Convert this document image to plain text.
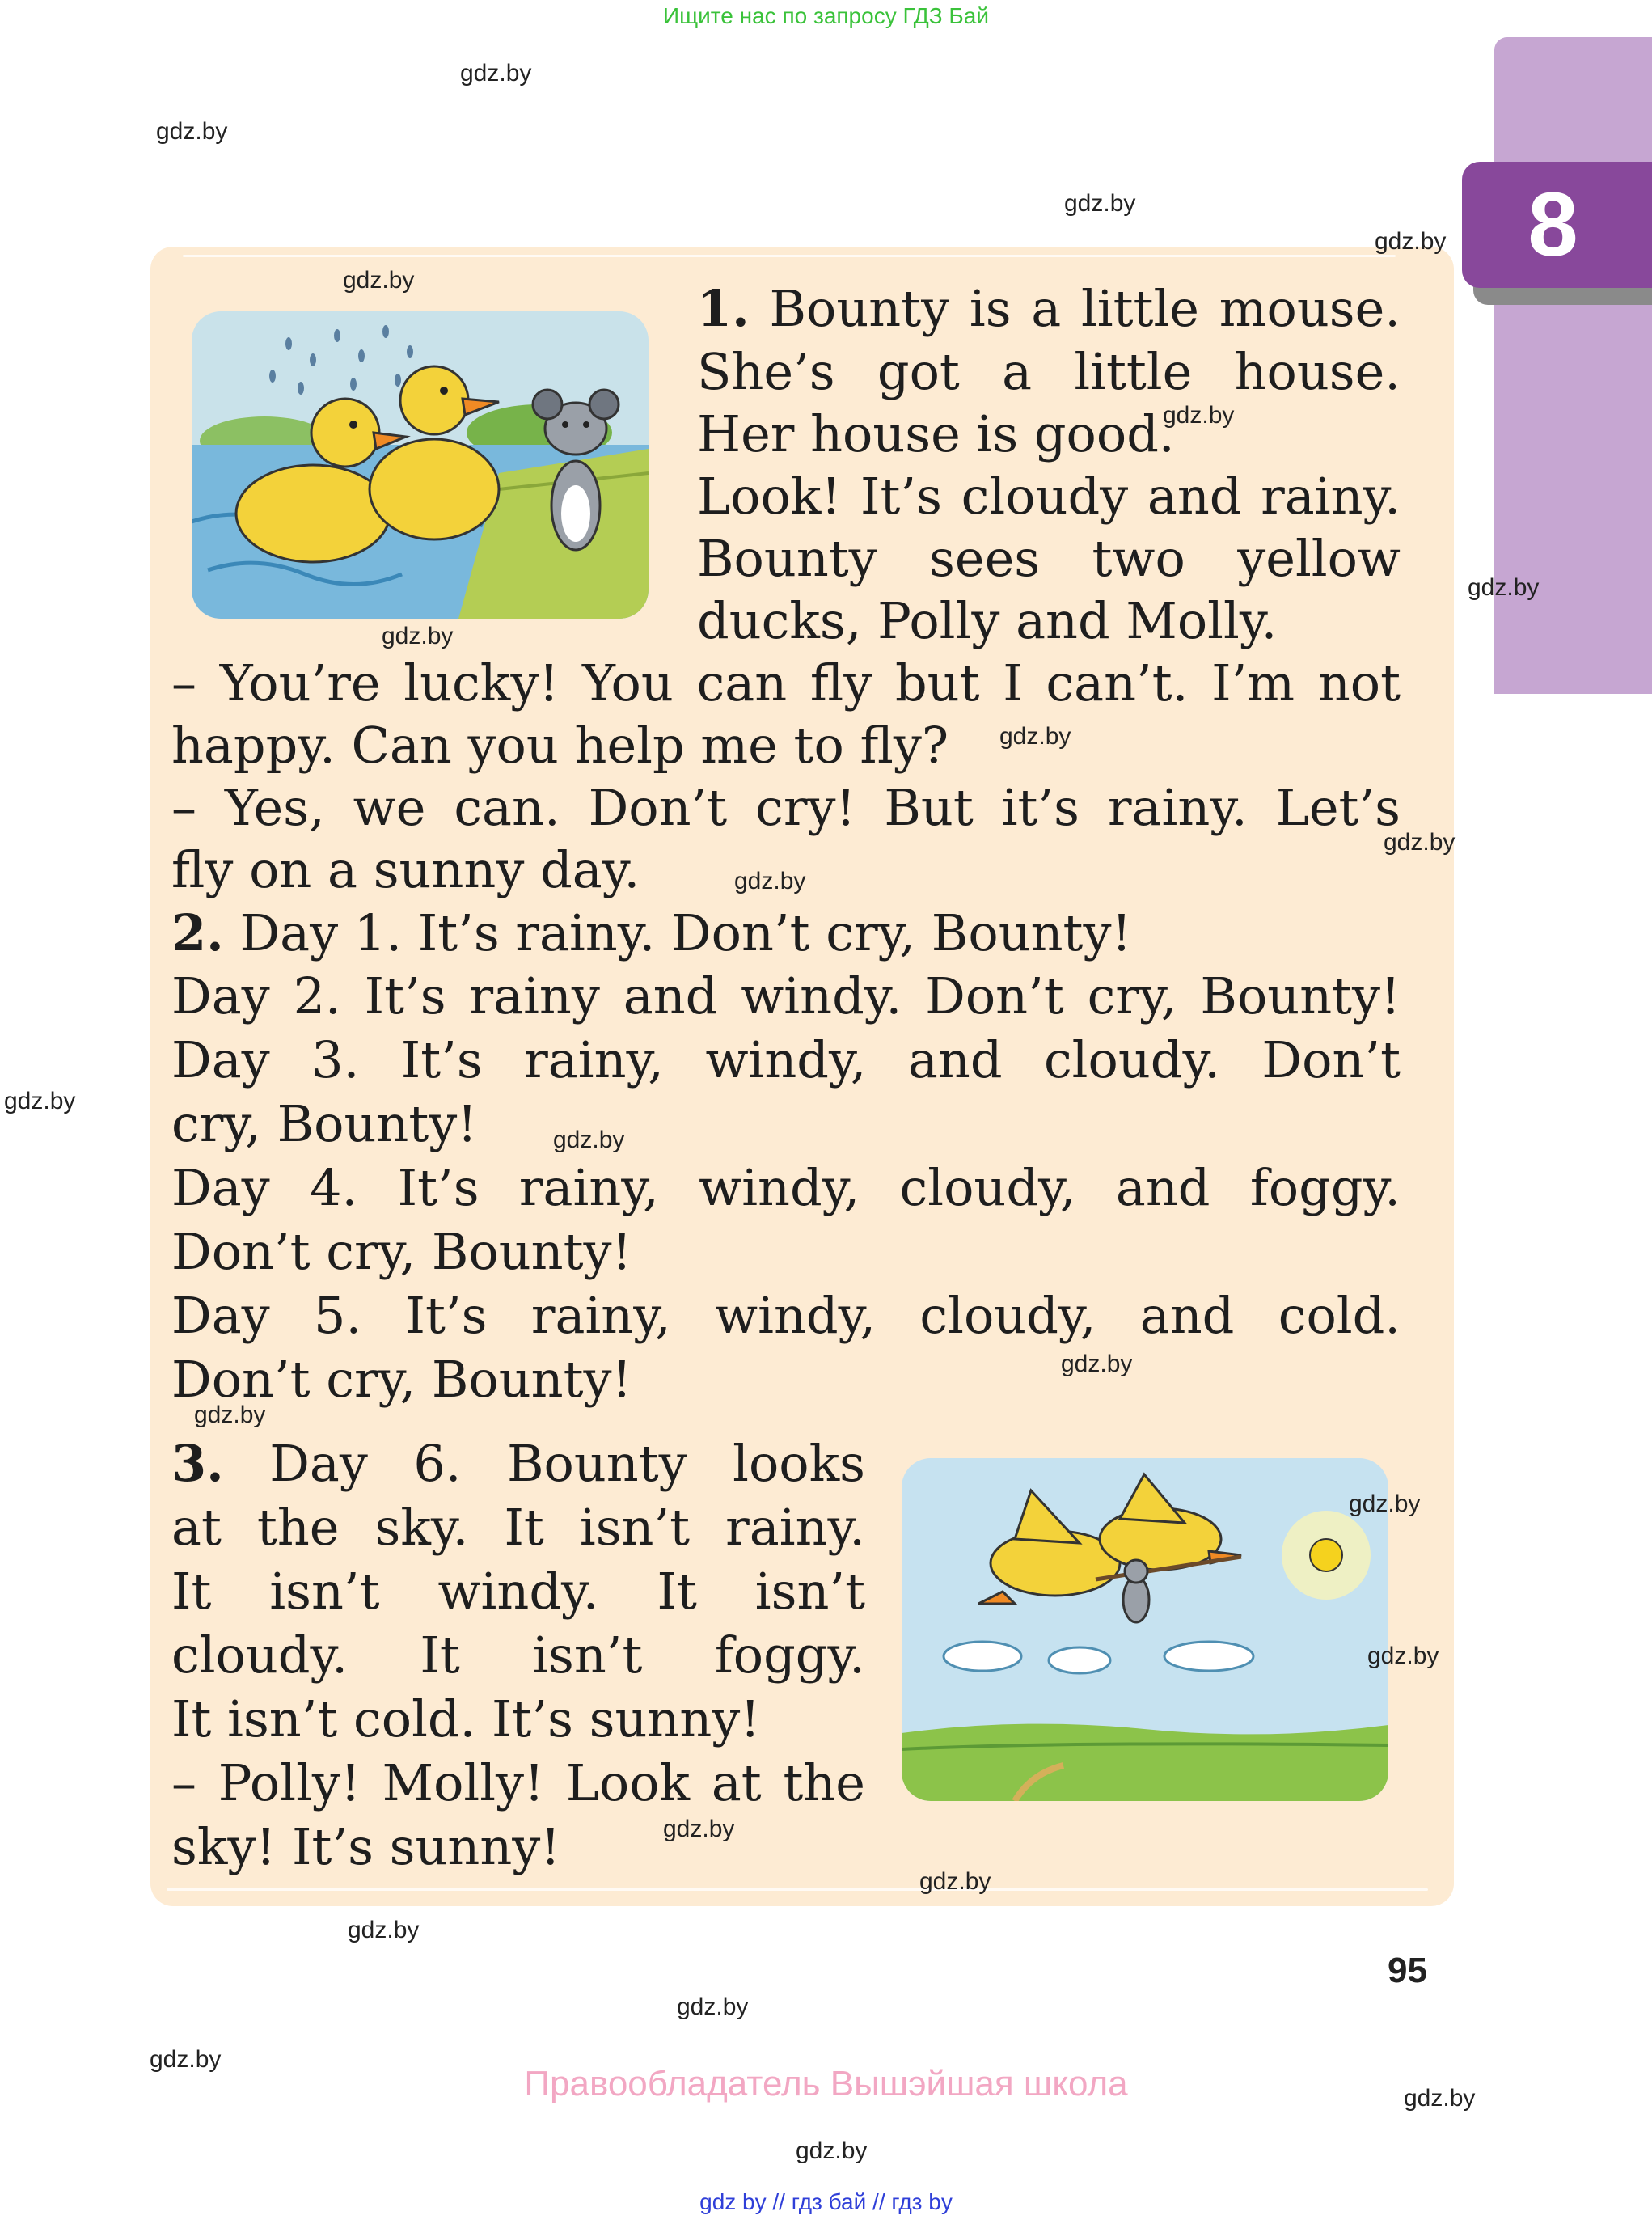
Ищите нас по запросу ГДЗ Бай
8
1. Bounty is a little mouse.
She’s got a little house.
Her house is good.
Look! It’s cloudy and rainy.
Bounty sees two yellow
ducks, Polly and Molly.
– You’re lucky! You can fly but I can’t. I’m not
happy. Can you help me to fly?
– Yes, we can. Don’t cry! But it’s rainy. Let’s
fly on a sunny day.
2. Day 1. It’s rainy. Don’t cry, Bounty!
Day 2. It’s rainy and windy. Don’t cry, Bounty!
Day 3. It’s rainy, windy, and cloudy. Don’t
cry, Bounty!
Day 4. It’s rainy, windy, cloudy, and foggy.
Don’t cry, Bounty!
Day 5. It’s rainy, windy, cloudy, and cold.
Don’t cry, Bounty!
3. Day 6. Bounty looks
at the sky. It isn’t rainy.
It isn’t windy. It isn’t
cloudy. It isn’t foggy.
It isn’t cold. It’s sunny!
– Polly! Molly! Look at the
sky! It’s sunny!
gdz.by
gdz.by
gdz.by
gdz.by
gdz.by
gdz.by
gdz.by
gdz.by
gdz.by
gdz.by
gdz.by
gdz.by
gdz.by
gdz.by
gdz.by
gdz.by
gdz.by
gdz.by
gdz.by
gdz.by
gdz.by
gdz.by
gdz.by
gdz.by
95
Правообладатель Вышэйшая школа
gdz by // гдз бай // гдз by
